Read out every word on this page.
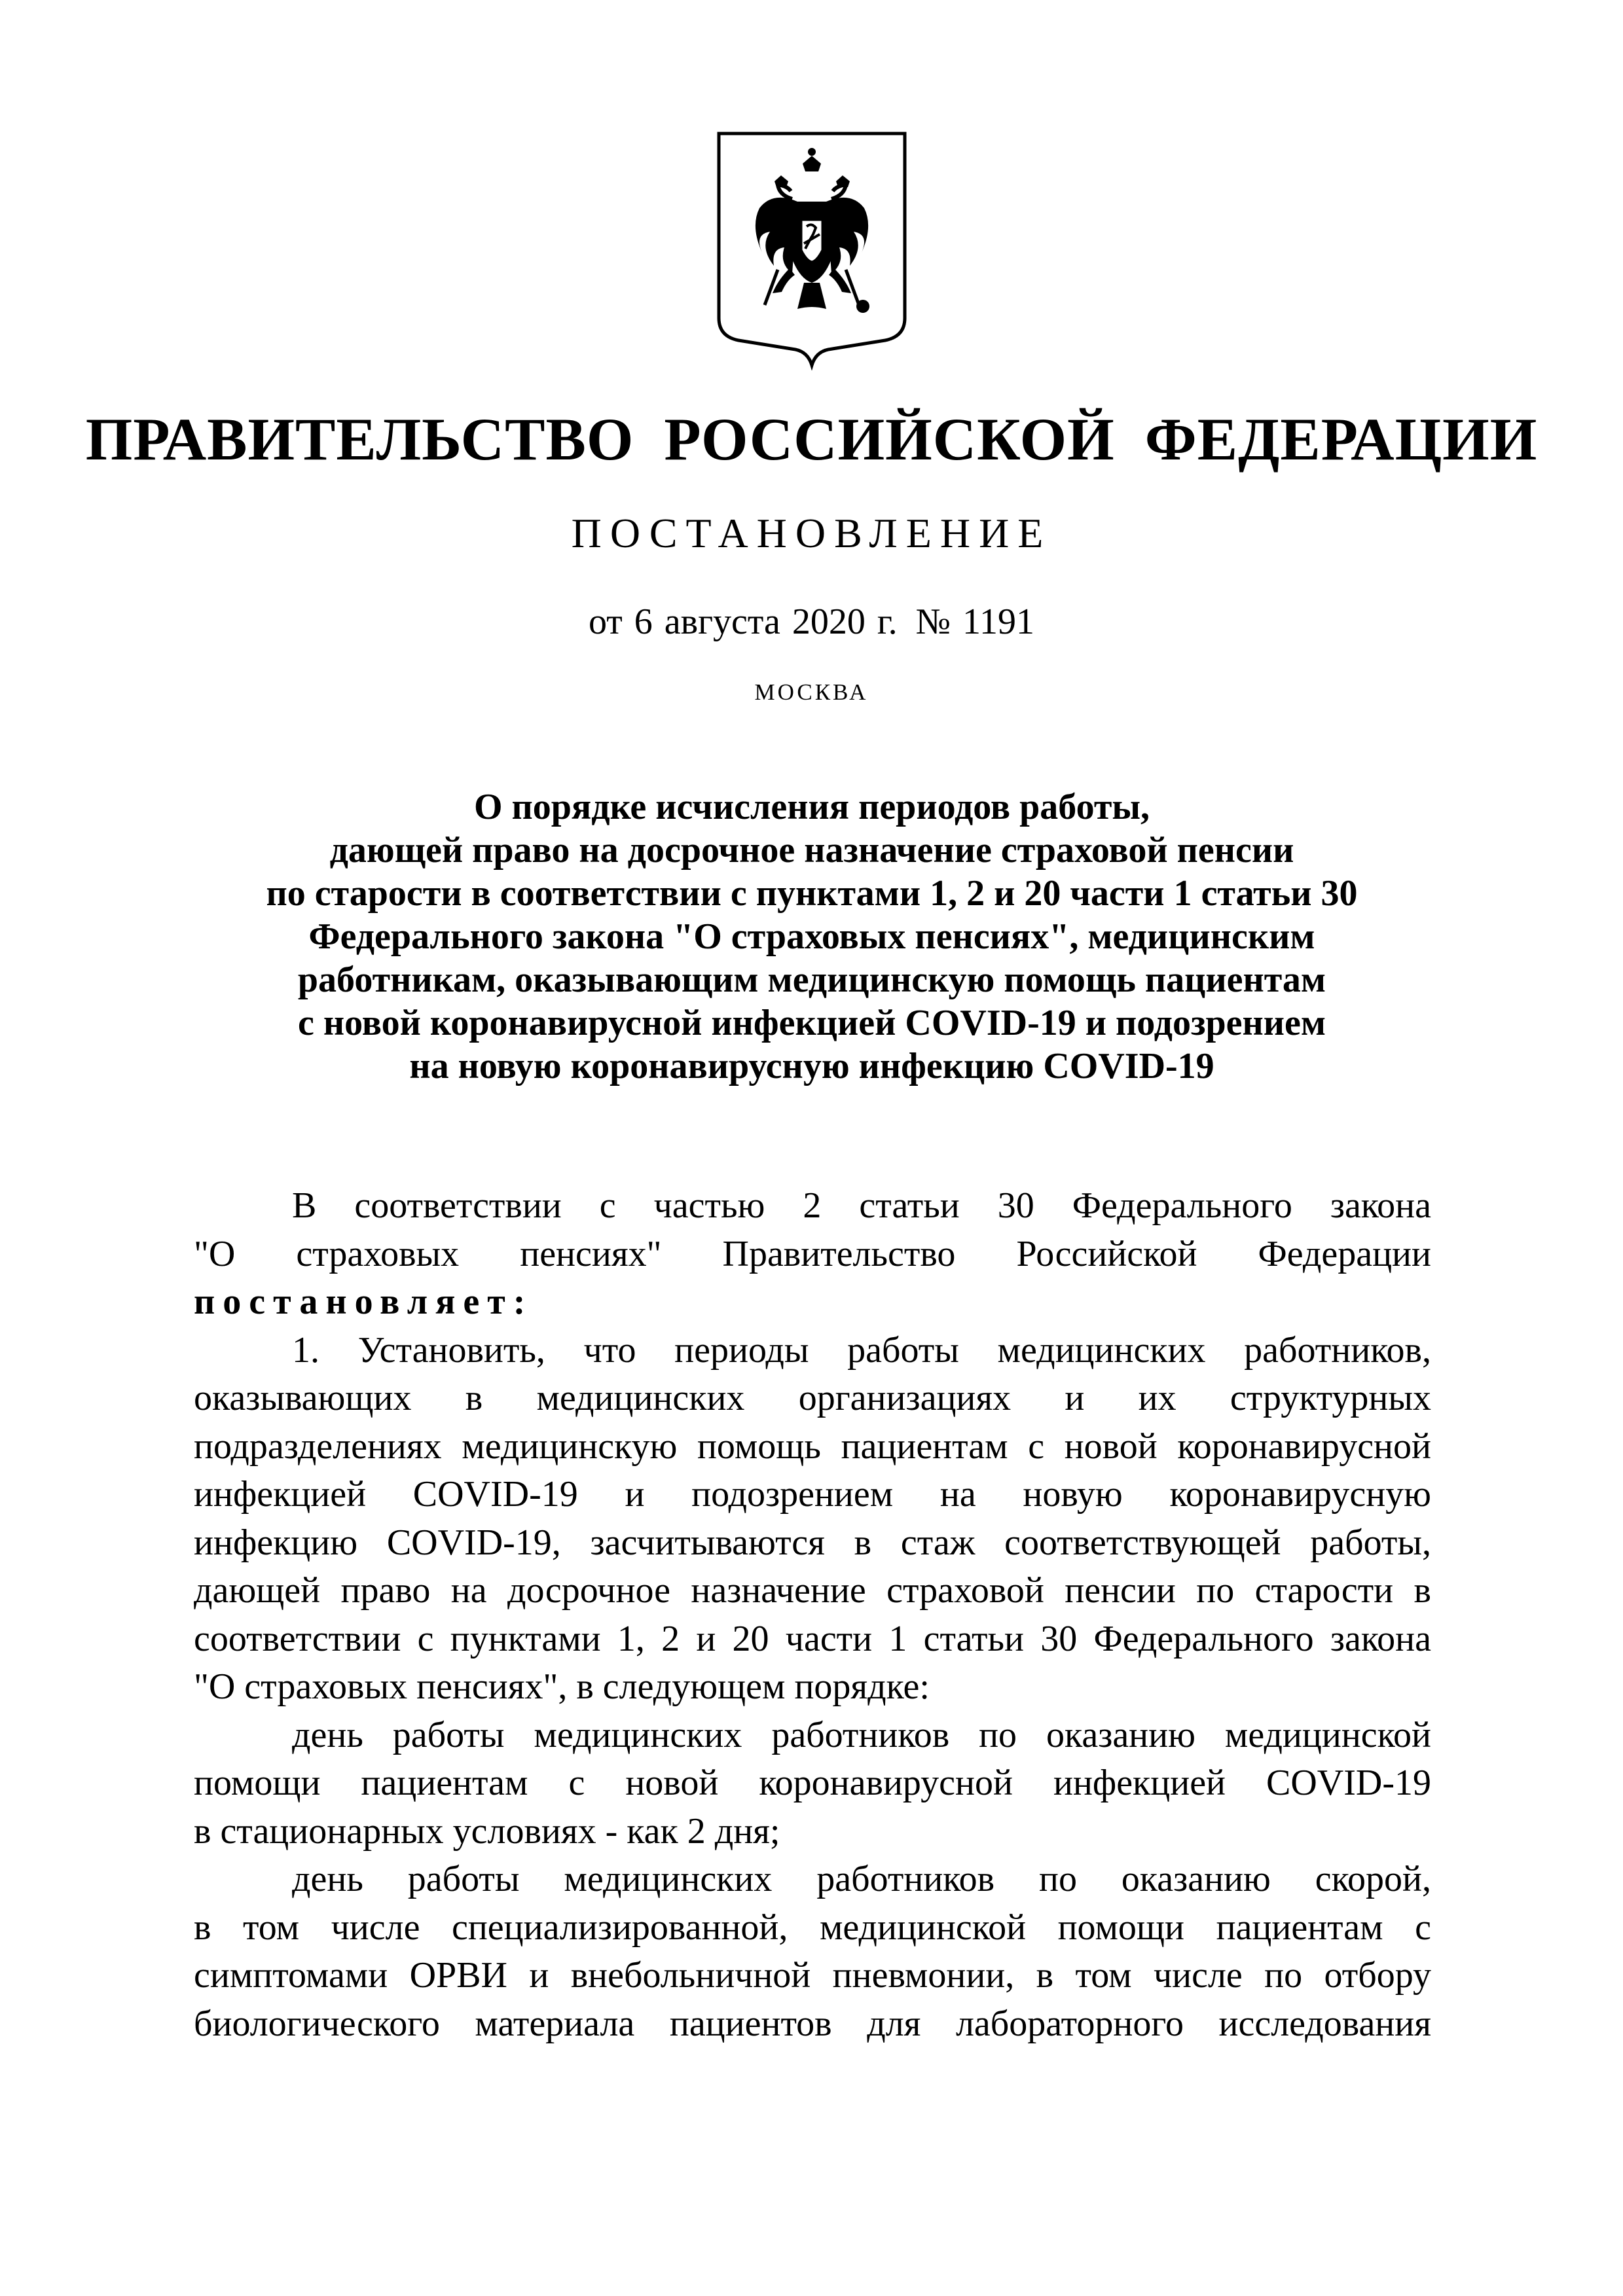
ПРАВИТЕЛЬСТВО РОССИЙСКОЙ ФЕДЕРАЦИИ
ПОСТАНОВЛЕНИЕ
от 6 августа 2020 г. № 1191
МОСКВА
О порядке исчисления периодов работы,
дающей право на досрочное назначение страховой пенсии
по старости в соответствии с пунктами 1, 2 и 20 части 1 статьи 30
Федерального закона "О страховых пенсиях", медицинским
работникам, оказывающим медицинскую помощь пациентам
с новой коронавирусной инфекцией COVID-19 и подозрением
на новую коронавирусную инфекцию COVID-19
В соответствии с частью 2 статьи 30 Федерального закона
"О страховых пенсиях" Правительство Российской Федерации
постановляет:
1. Установить, что периоды работы медицинских работников,
оказывающих в медицинских организациях и их структурных
подразделениях медицинскую помощь пациентам с новой коронавирусной
инфекцией COVID-19 и подозрением на новую коронавирусную
инфекцию COVID-19, засчитываются в стаж соответствующей работы,
дающей право на досрочное назначение страховой пенсии по старости в
соответствии с пунктами 1, 2 и 20 части 1 статьи 30 Федерального закона
"О страховых пенсиях", в следующем порядке:
день работы медицинских работников по оказанию медицинской
помощи пациентам с новой коронавирусной инфекцией COVID-19
в стационарных условиях - как 2 дня;
день работы медицинских работников по оказанию скорой,
в том числе специализированной, медицинской помощи пациентам с
симптомами ОРВИ и внебольничной пневмонии, в том числе по отбору
биологического материала пациентов для лабораторного исследования
